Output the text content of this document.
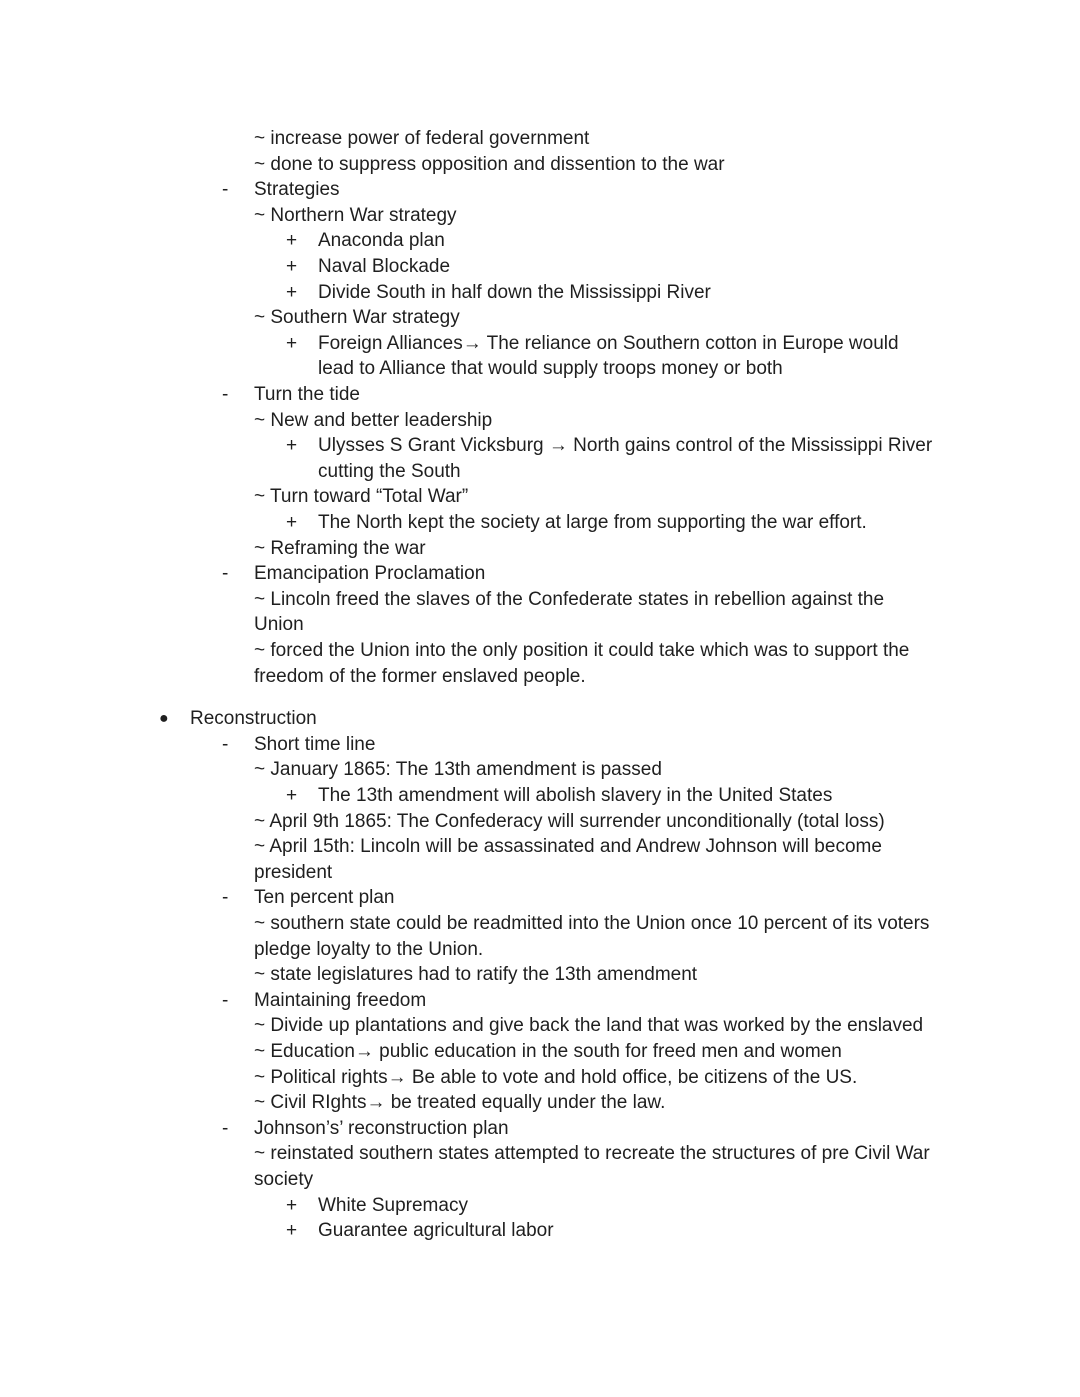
~ increase power of federal government
~ done to suppress opposition and dissention to the war
- Strategies
~ Northern War strategy
+ Anaconda plan
+ Naval Blockade
+ Divide South in half down the Mississippi River
~ Southern War strategy
+ Foreign Alliances→ The reliance on Southern cotton in Europe would
lead to Alliance that would supply troops money or both
- Turn the tide
~ New and better leadership
+ Ulysses S Grant Vicksburg → North gains control of the Mississippi River
cutting the South
~ Turn toward “Total War”
+ The North kept the society at large from supporting the war effort.
~ Reframing the war
- Emancipation Proclamation
~ Lincoln freed the slaves of the Confederate states in rebellion against the
Union
~ forced the Union into the only position it could take which was to support the
freedom of the former enslaved people.
● Reconstruction
- Short time line
~ January 1865: The 13th amendment is passed
+ The 13th amendment will abolish slavery in the United States
~ April 9th 1865: The Confederacy will surrender unconditionally (total loss)
~ April 15th: Lincoln will be assassinated and Andrew Johnson will become
president
- Ten percent plan
~ southern state could be readmitted into the Union once 10 percent of its voters
pledge loyalty to the Union.
~ state legislatures had to ratify the 13th amendment
- Maintaining freedom
~ Divide up plantations and give back the land that was worked by the enslaved
~ Education→ public education in the south for freed men and women
~ Political rights→ Be able to vote and hold office, be citizens of the US.
~ Civil RIghts→ be treated equally under the law.
- Johnson’s’ reconstruction plan
~ reinstated southern states attempted to recreate the structures of pre Civil War
society
+ White Supremacy
+ Guarantee agricultural labor
